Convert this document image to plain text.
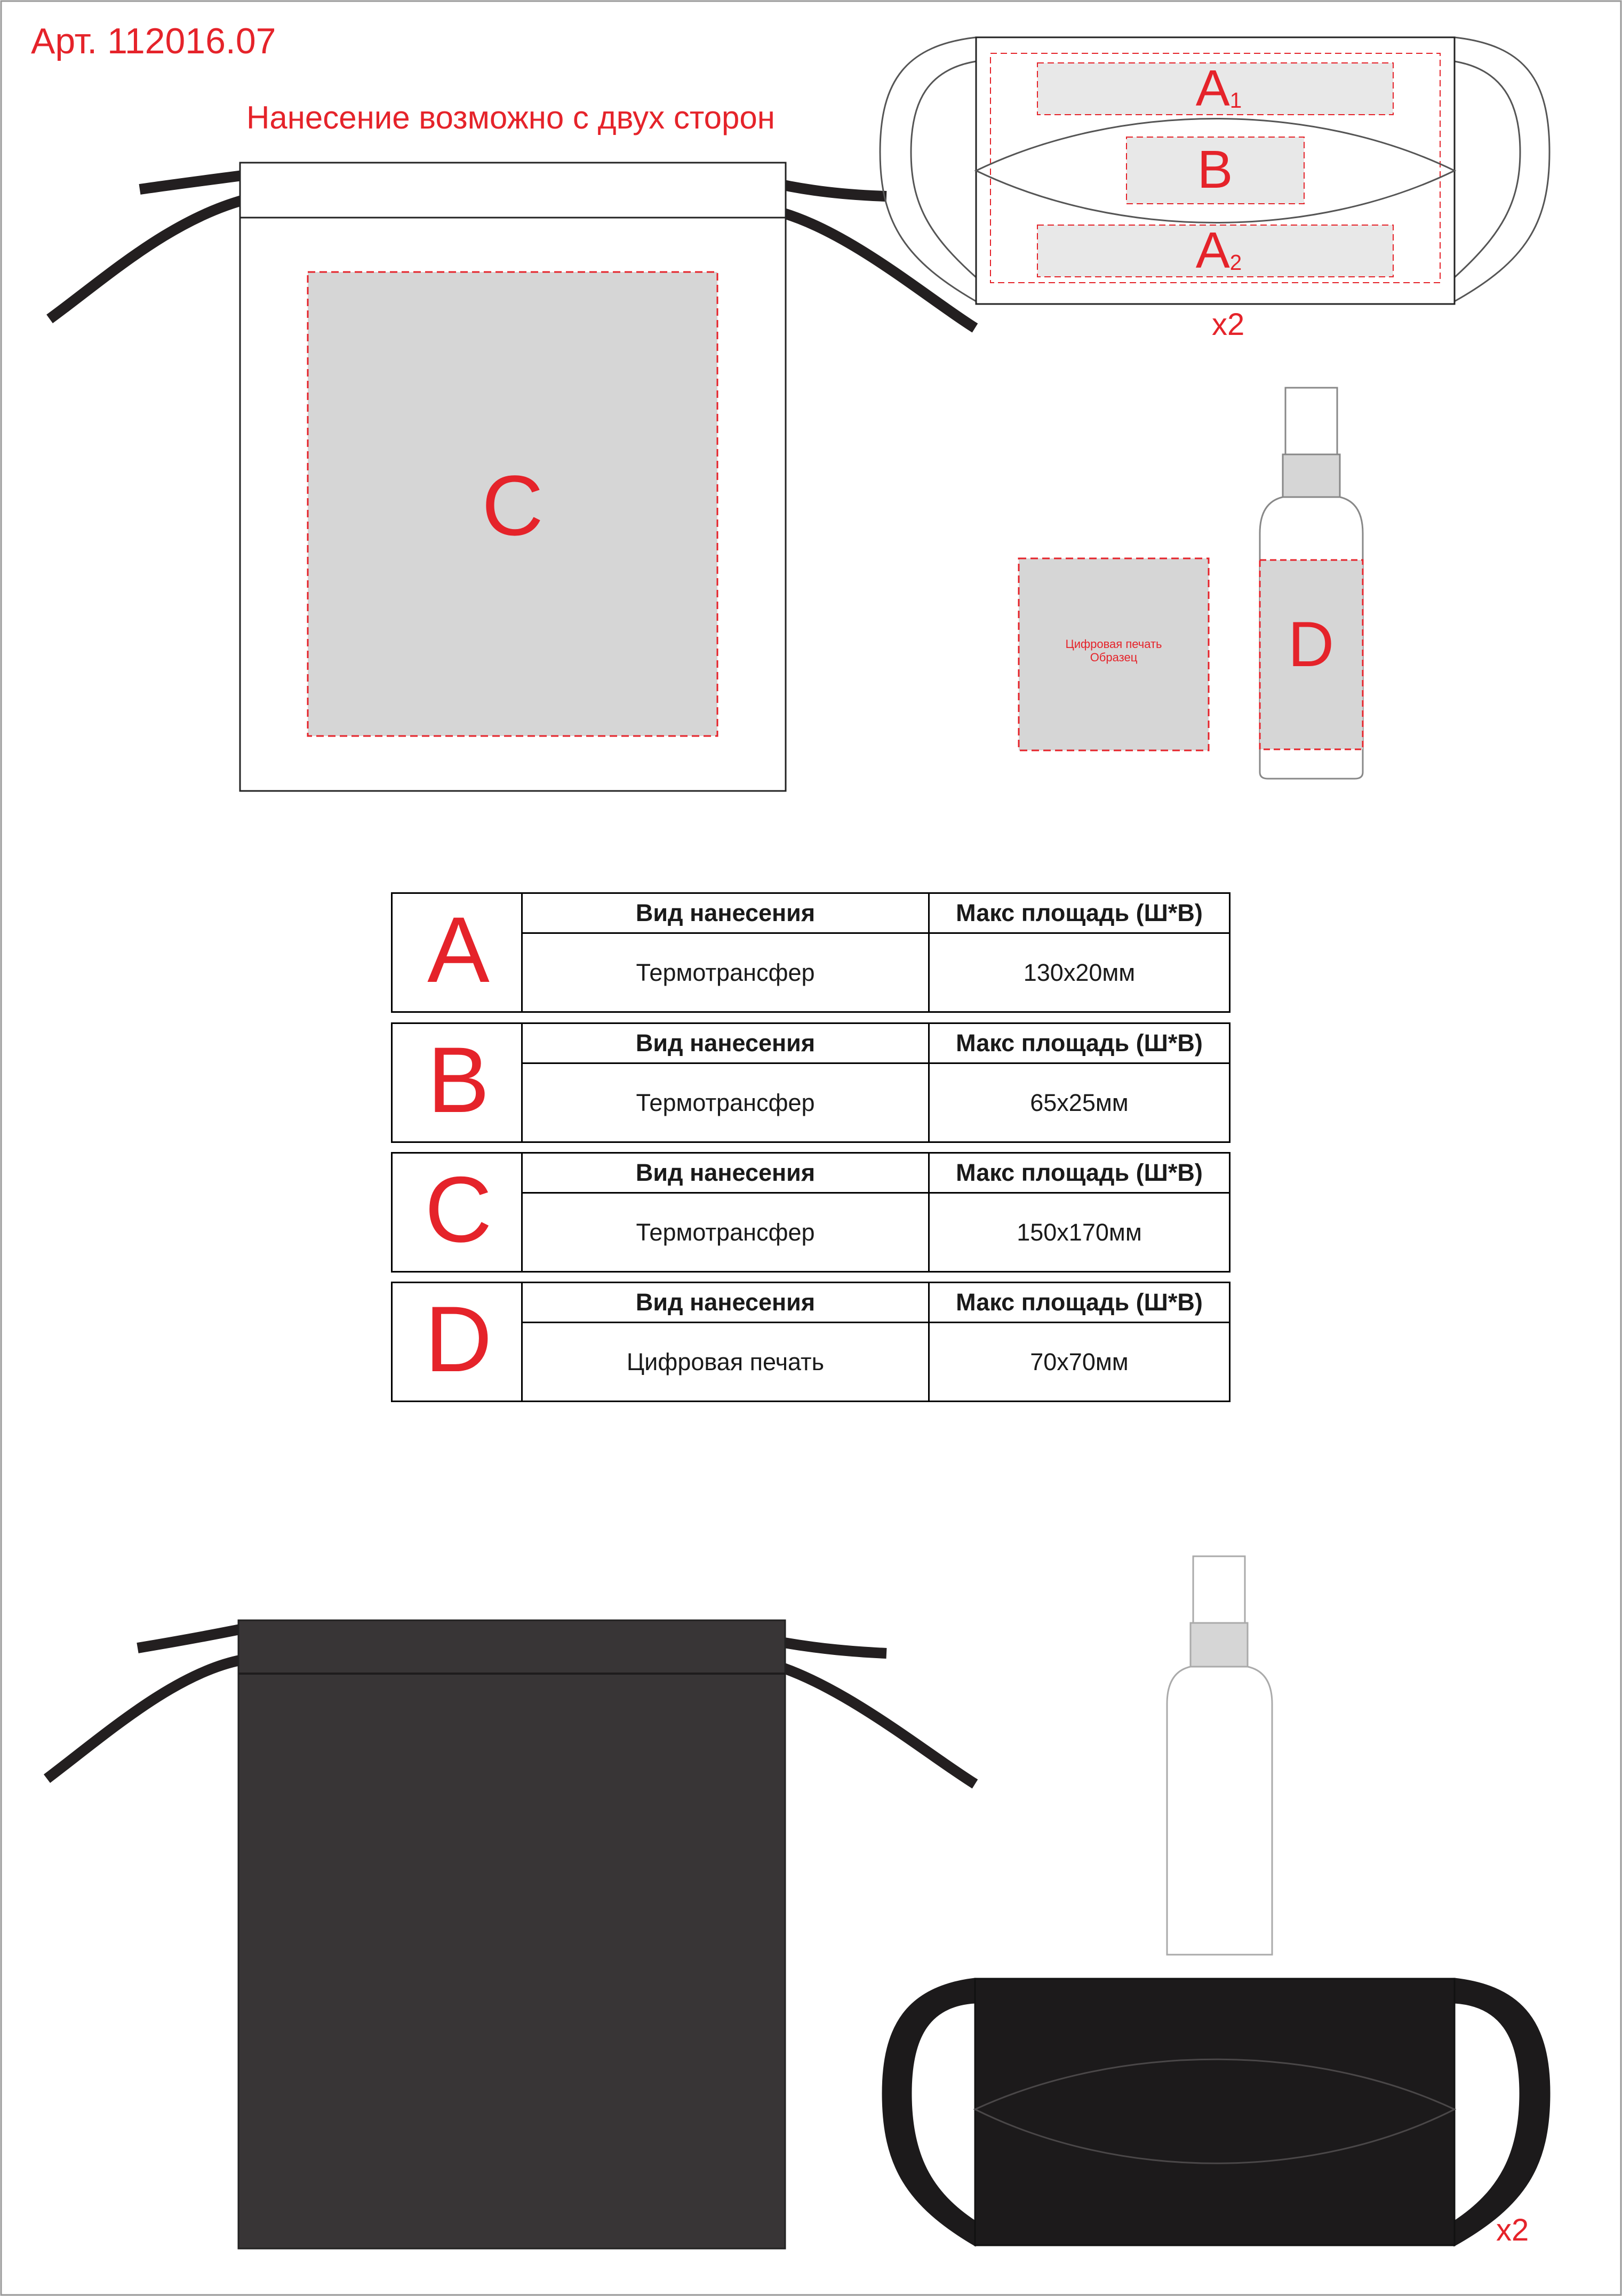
Арт. 112016.07
Нанесение возможно с двух сторон
A1
B
A2
C
D
Цифровая печать
Образец
x2
x2
A	Вид нанесения	Макс площадь (Ш*В)
Термотрансфер	130x20мм
B	Вид нанесения	Макс площадь (Ш*В)
Термотрансфер	65x25мм
C	Вид нанесения	Макс площадь (Ш*В)
Термотрансфер	150x170мм
D	Вид нанесения	Макс площадь (Ш*В)
Цифровая печать	70x70мм
